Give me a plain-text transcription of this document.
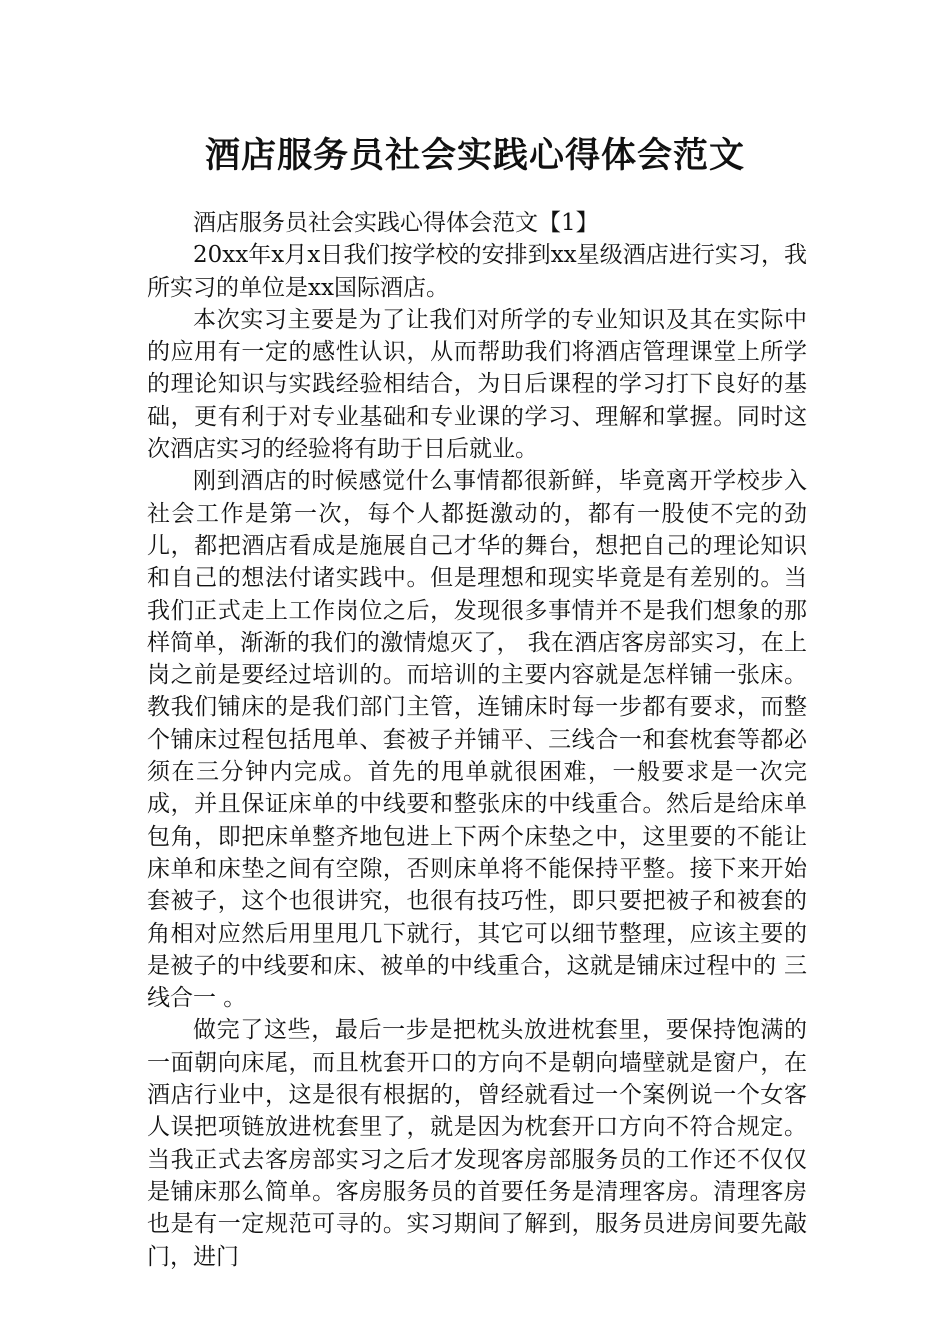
酒店服务员社会实践心得体会范文

酒店服务员社会实践心得体会范文【1】

20xx年x月x日我们按学校的安排到xx星级酒店进行实习，我所实习的单位是xx国际酒店。

本次实习主要是为了让我们对所学的专业知识及其在实际中的应用有一定的感性认识，从而帮助我们将酒店管理课堂上所学的理论知识与实践经验相结合，为日后课程的学习打下良好的基础，更有利于对专业基础和专业课的学习、理解和掌握。同时这次酒店实习的经验将有助于日后就业。

刚到酒店的时候感觉什么事情都很新鲜，毕竟离开学校步入社会工作是第一次，每个人都挺激动的，都有一股使不完的劲儿，都把酒店看成是施展自己才华的舞台，想把自己的理论知识和自己的想法付诸实践中。但是理想和现实毕竟是有差别的。当我们正式走上工作岗位之后，发现很多事情并不是我们想象的那样简单，渐渐的我们的激情熄灭了， 我在酒店客房部实习，在上岗之前是要经过培训的。而培训的主要内容就是怎样铺一张床。教我们铺床的是我们部门主管，连铺床时每一步都有要求，而整个铺床过程包括甩单、套被子并铺平、三线合一和套枕套等都必须在三分钟内完成。首先的甩单就很困难，一般要求是一次完成，并且保证床单的中线要和整张床的中线重合。然后是给床单包角，即把床单整齐地包进上下两个床垫之中，这里要的不能让床单和床垫之间有空隙，否则床单将不能保持平整。接下来开始套被子，这个也很讲究，也很有技巧性，即只要把被子和被套的角相对应然后用里甩几下就行，其它可以细节整理，应该主要的是被子的中线要和床、被单的中线重合，这就是铺床过程中的 三线合一 。

做完了这些，最后一步是把枕头放进枕套里，要保持饱满的一面朝向床尾，而且枕套开口的方向不是朝向墙壁就是窗户，在酒店行业中，这是很有根据的，曾经就看过一个案例说一个女客人误把项链放进枕套里了，就是因为枕套开口方向不符合规定。当我正式去客房部实习之后才发现客房部服务员的工作还不仅仅是铺床那么简单。客房服务员的首要任务是清理客房。清理客房也是有一定规范可寻的。实习期间了解到，服务员进房间要先敲门，进门
